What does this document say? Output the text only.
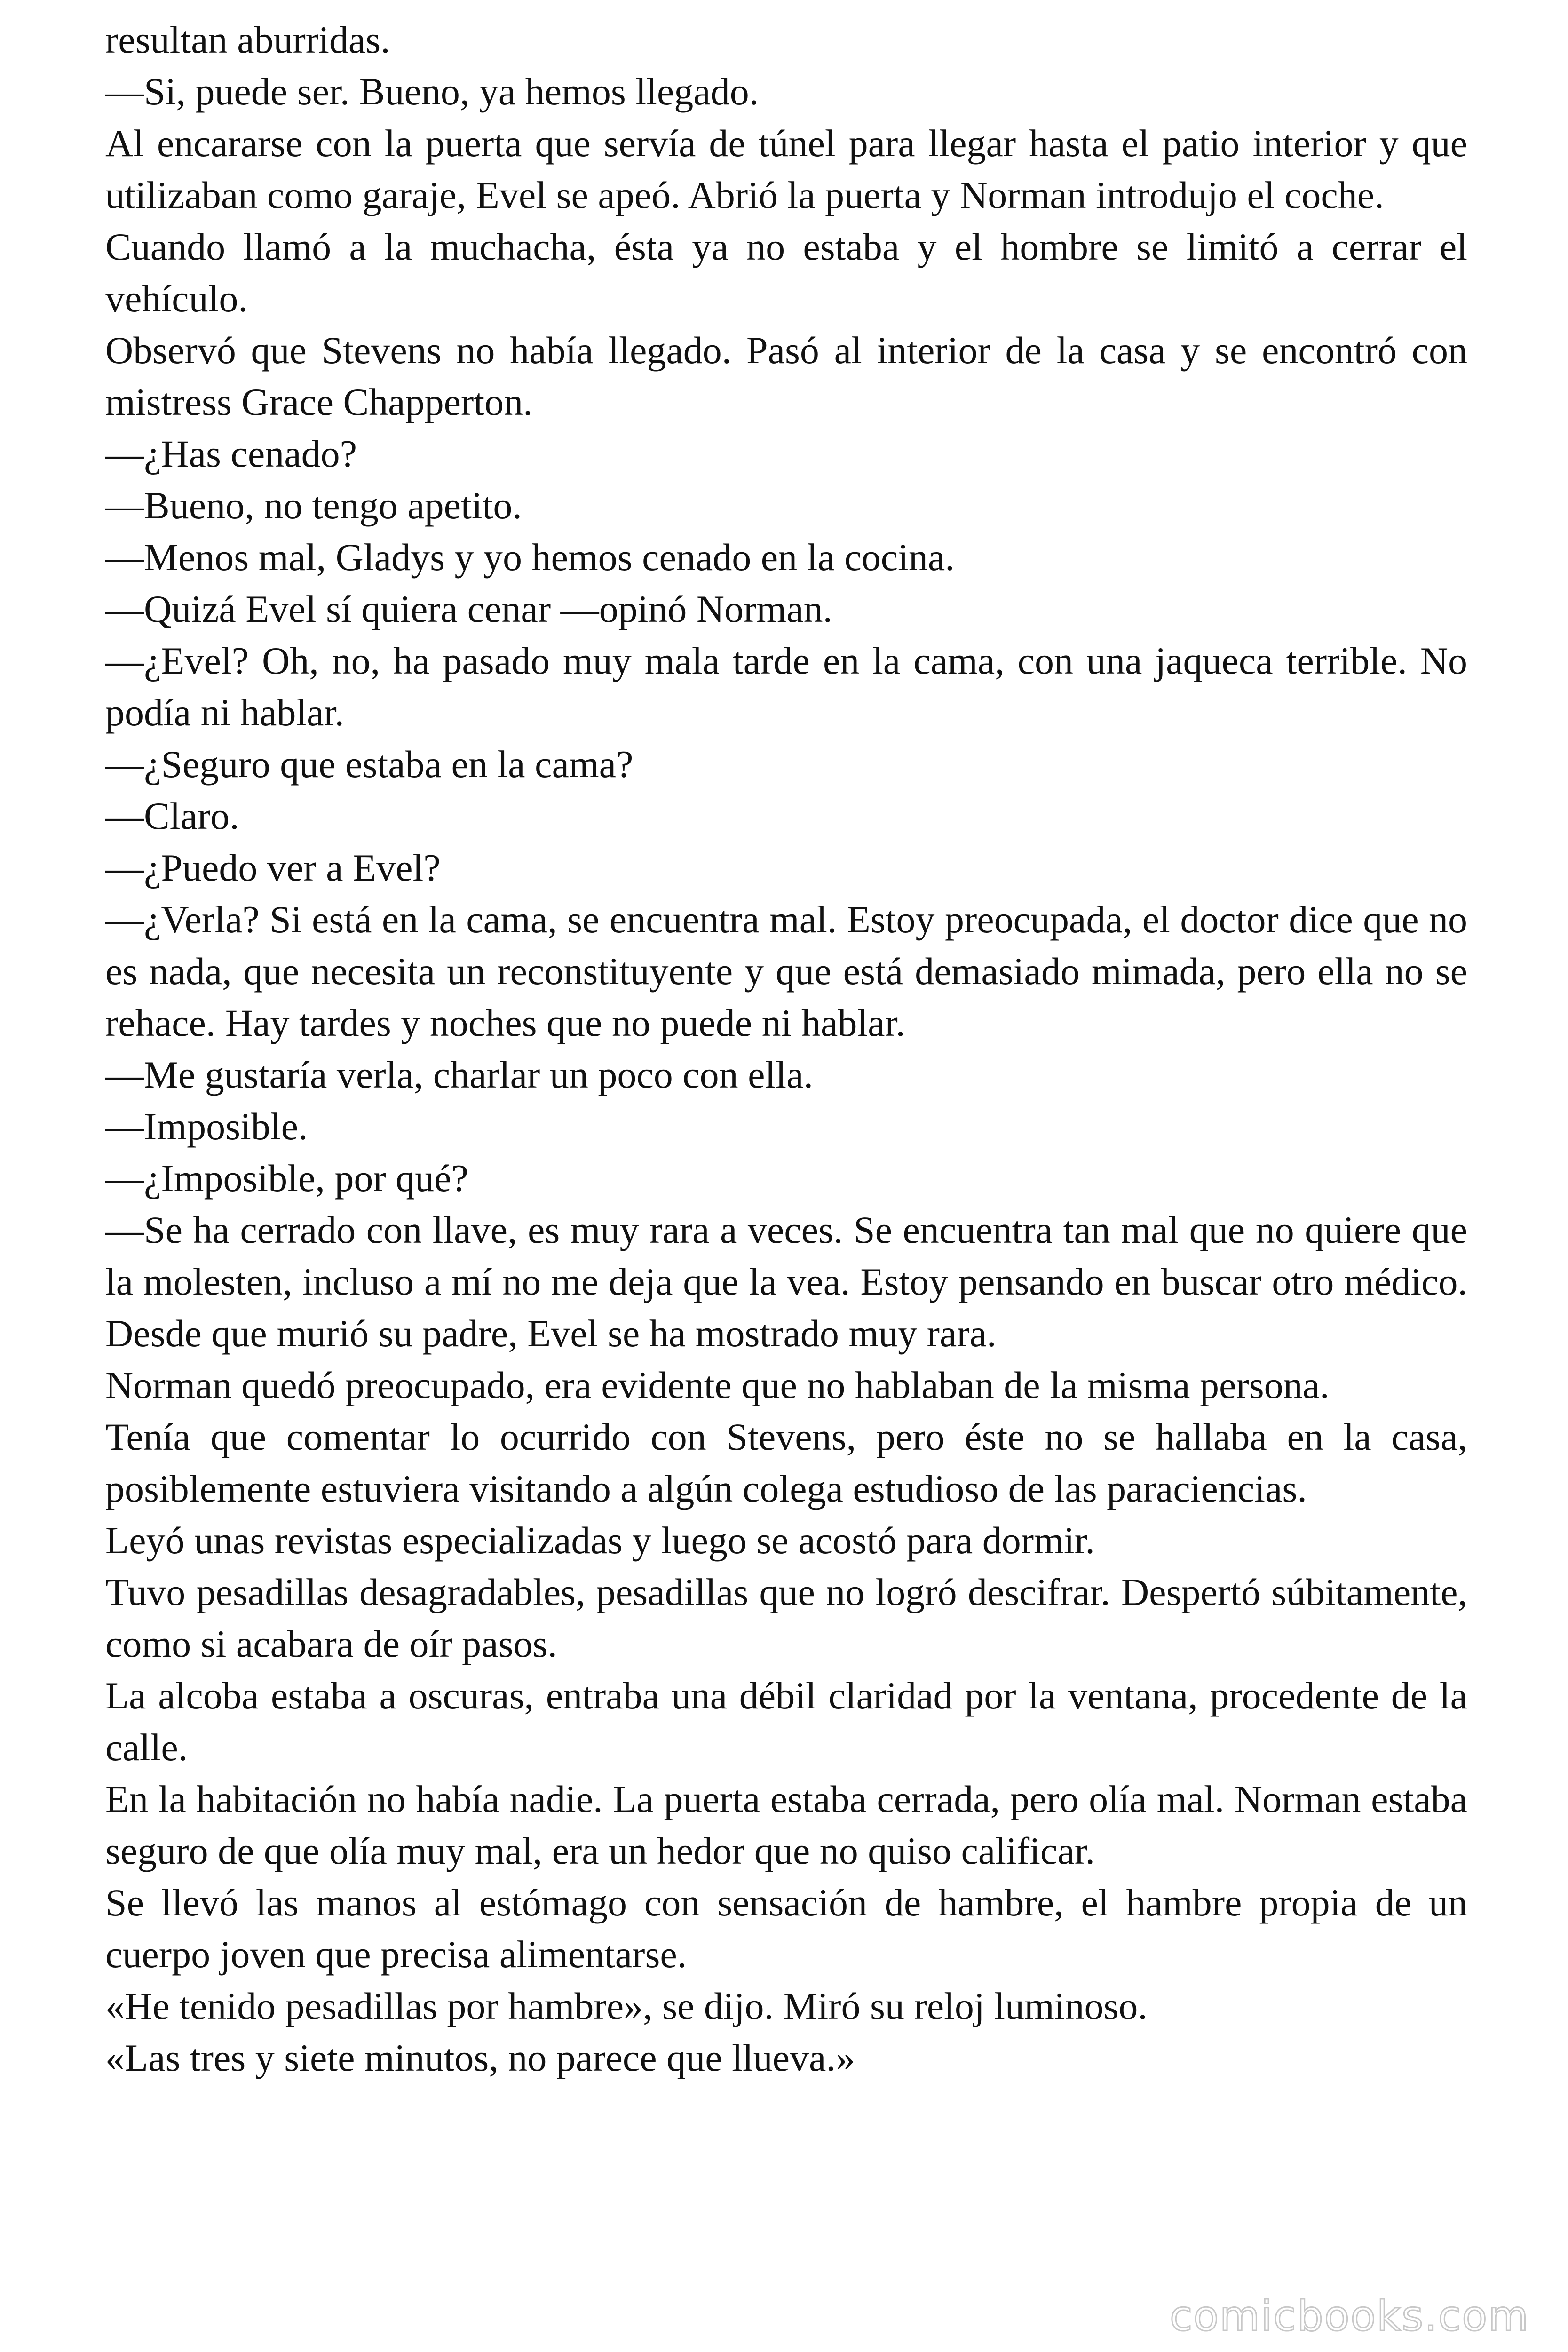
resultan aburridas.

—Si, puede ser. Bueno, ya hemos llegado.

Al encararse con la puerta que servía de túnel para llegar hasta el patio interior y que utilizaban como garaje, Evel se apeó. Abrió la puerta y Norman introdujo el coche.

Cuando llamó a la muchacha, ésta ya no estaba y el hombre se limitó a cerrar el vehículo.

Observó que Stevens no había llegado. Pasó al interior de la casa y se encontró con mistress Grace Chapperton.

—¿Has cenado?

—Bueno, no tengo apetito.

—Menos mal, Gladys y yo hemos cenado en la cocina.

—Quizá Evel sí quiera cenar —opinó Norman.

—¿Evel? Oh, no, ha pasado muy mala tarde en la cama, con una jaqueca terrible. No podía ni hablar.

—¿Seguro que estaba en la cama?

—Claro.

—¿Puedo ver a Evel?

—¿Verla? Si está en la cama, se encuentra mal. Estoy preocupada, el doctor dice que no es nada, que necesita un reconstituyente y que está demasiado mimada, pero ella no se rehace. Hay tardes y noches que no puede ni hablar.

—Me gustaría verla, charlar un poco con ella.

—Imposible.

—¿Imposible, por qué?

—Se ha cerrado con llave, es muy rara a veces. Se encuentra tan mal que no quiere que la molesten, incluso a mí no me deja que la vea. Estoy pensando en buscar otro médico. Desde que murió su padre, Evel se ha mostrado muy rara.

Norman quedó preocupado, era evidente que no hablaban de la misma persona.

Tenía que comentar lo ocurrido con Stevens, pero éste no se hallaba en la casa, posiblemente estuviera visitando a algún colega estudioso de las paraciencias.

Leyó unas revistas especializadas y luego se acostó para dormir.

Tuvo pesadillas desagradables, pesadillas que no logró descifrar. Despertó súbitamente, como si acabara de oír pasos.

La alcoba estaba a oscuras, entraba una débil claridad por la ventana, procedente de la calle.

En la habitación no había nadie. La puerta estaba cerrada, pero olía mal. Norman estaba seguro de que olía muy mal, era un hedor que no quiso calificar.

Se llevó las manos al estómago con sensación de hambre, el hambre propia de un cuerpo joven que precisa alimentarse.

«He tenido pesadillas por hambre», se dijo. Miró su reloj luminoso.

«Las tres y siete minutos, no parece que llueva.»

comicbooks.com
